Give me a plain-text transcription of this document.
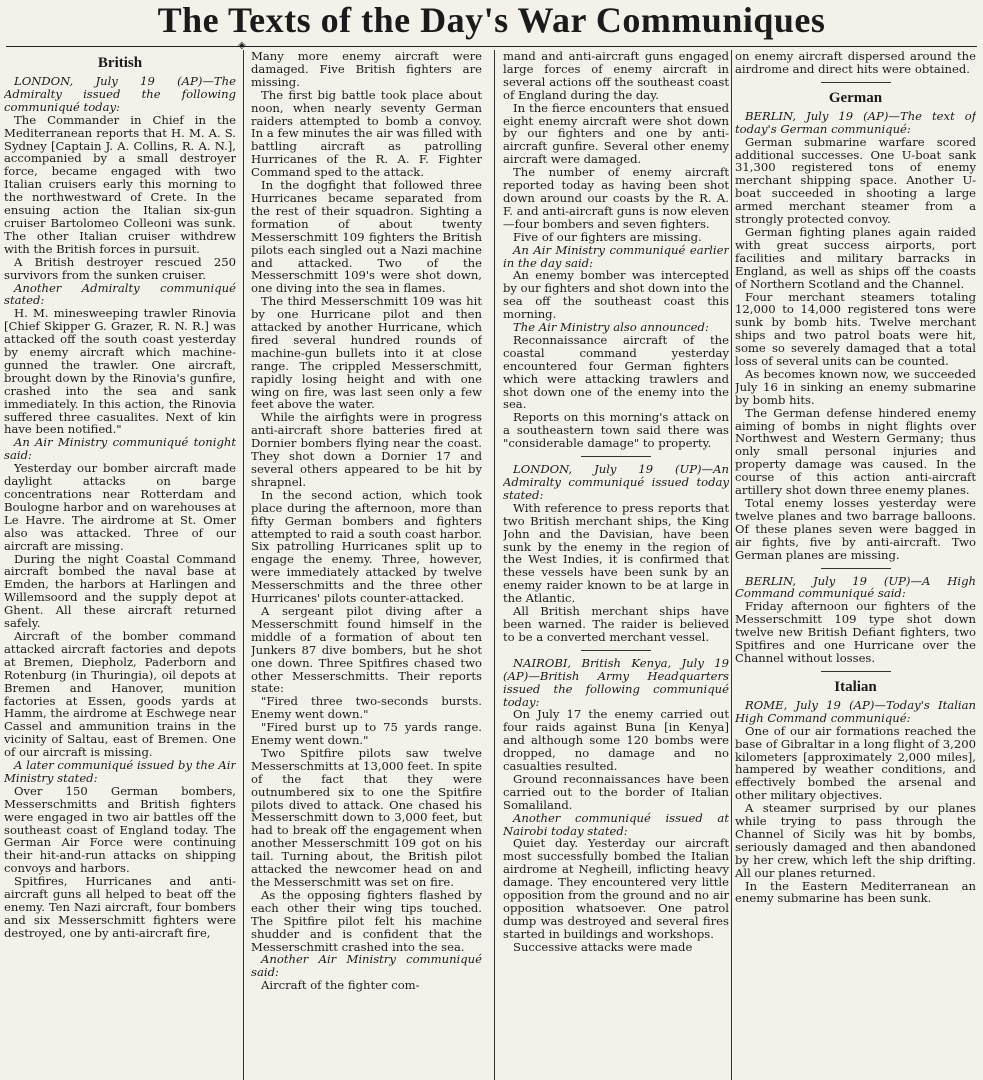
The Texts of the Day's War Communiques
◈
British

LONDON, July 19 (AP)—The Admiralty issued the following communiqué today:

The Commander in Chief in the Mediterranean reports that H. M. A. S. Sydney [Captain J. A. Collins, R. A. N.], accompanied by a small destroyer force, became engaged with two Italian cruisers early this morning to the northwestward of Crete. In the ensuing action the Italian six-gun cruiser Bartolomeo Colleoni was sunk. The other Italian cruiser withdrew with the British forces in pursuit.

A British destroyer rescued 250 survivors from the sunken cruiser.

Another Admiralty communiqué stated:

H. M. minesweeping trawler Rinovia [Chief Skipper G. Grazer, R. N. R.] was attacked off the south coast yesterday by enemy aircraft which machine-gunned the trawler. One aircraft, brought down by the Rinovia's gunfire, crashed into the sea and sank immediately. In this action, the Rinovia suffered three casualites. Next of kin have been notified."

An Air Ministry communiqué tonight said:

Yesterday our bomber aircraft made daylight attacks on barge concentrations near Rotterdam and Boulogne harbor and on warehouses at Le Havre. The airdrome at St. Omer also was attacked. Three of our aircraft are missing.

During the night Coastal Command aircraft bombed the naval base at Emden, the harbors at Harlingen and Willemsoord and the supply depot at Ghent. All these aircraft returned safely.

Aircraft of the bomber command attacked aircraft factories and depots at Bremen, Diepholz, Paderborn and Rotenburg (in Thuringia), oil depots at Bremen and Hanover, munition factories at Essen, goods yards at Hamm, the airdrome at Eschwege near Cassel and ammunition trains in the vicinity of Saltau, east of Bremen. One of our aircraft is missing.

A later communiqué issued by the Air Ministry stated:

Over 150 German bombers, Messerschmitts and British fighters were engaged in two air battles off the southeast coast of England today. The German Air Force were continuing their hit-and-run attacks on shipping convoys and harbors.

Spitfires, Hurricanes and anti-aircraft guns all helped to beat off the enemy. Ten Nazi aircraft, four bombers and six Messerschmitt fighters were destroyed, one by anti-aircraft fire,

Many more enemy aircraft were damaged. Five British fighters are missing.

The first big battle took place about noon, when nearly seventy German raiders attempted to bomb a convoy. In a few minutes the air was filled with battling aircraft as patrolling Hurricanes of the R. A. F. Fighter Command sped to the attack.

In the dogfight that followed three Hurricanes became separated from the rest of their squadron. Sighting a formation of about twenty Messerschmitt 109 fighters the British pilots each singled out a Nazi machine and attacked. Two of the Messerschmitt 109's were shot down, one diving into the sea in flames.

The third Messerschmitt 109 was hit by one Hurricane pilot and then attacked by another Hurricane, which fired several hundred rounds of machine-gun bullets into it at close range. The crippled Messerschmitt, rapidly losing height and with one wing on fire, was last seen only a few feet above the water.

While the airfights were in progress anti-aircraft shore batteries fired at Dornier bombers flying near the coast. They shot down a Dornier 17 and several others appeared to be hit by shrapnel.

In the second action, which took place during the afternoon, more than fifty German bombers and fighters attempted to raid a south coast harbor. Six patrolling Hurricanes split up to engage the enemy. Three, however, were immediately attacked by twelve Messerschmitts and the three other Hurricanes' pilots counter-attacked.

A sergeant pilot diving after a Messerschmitt found himself in the middle of a formation of about ten Junkers 87 dive bombers, but he shot one down. Three Spitfires chased two other Messerschmitts. Their reports state:

"Fired three two-seconds bursts. Enemy went down."

"Fired burst up to 75 yards range. Enemy went down."

Two Spitfire pilots saw twelve Messerschmitts at 13,000 feet. In spite of the fact that they were outnumbered six to one the Spitfire pilots dived to attack. One chased his Messerschmitt down to 3,000 feet, but had to break off the engagement when another Messerschmitt 109 got on his tail. Turning about, the British pilot attacked the newcomer head on and the Messerschmitt was set on fire.

As the opposing fighters flashed by each other their wing tips touched. The Spitfire pilot felt his machine shudder and is confident that the Messerschmitt crashed into the sea.

Another Air Ministry communiqué said:

Aircraft of the fighter com-

mand and anti-aircraft guns engaged large forces of enemy aircraft in several actions off the southeast coast of England during the day.

In the fierce encounters that ensued eight enemy aircraft were shot down by our fighters and one by anti-aircraft gunfire. Several other enemy aircraft were damaged.

The number of enemy aircraft reported today as having been shot down around our coasts by the R. A. F. and anti-aircraft guns is now eleven—four bombers and seven fighters.

Five of our fighters are missing.

An Air Ministry communiqué earlier in the day said:

An enemy bomber was intercepted by our fighters and shot down into the sea off the southeast coast this morning.

The Air Ministry also announced:

Reconnaissance aircraft of the coastal command yesterday encountered four German fighters which were attacking trawlers and shot down one of the enemy into the sea.

Reports on this morning's attack on a southeastern town said there was "considerable damage" to property.

LONDON, July 19 (UP)—An Admiralty communiqué issued today stated:

With reference to press reports that two British merchant ships, the King John and the Davisian, have been sunk by the enemy in the region of the West Indies, it is confirmed that these vessels have been sunk by an enemy raider known to be at large in the Atlantic.

All British merchant ships have been warned. The raider is believed to be a converted merchant vessel.

NAIROBI, British Kenya, July 19 (AP)—British Army Headquarters issued the following communiqué today:

On July 17 the enemy carried out four raids against Buna [in Kenya] and although some 120 bombs were dropped, no damage and no casualties resulted.

Ground reconnaissances have been carried out to the border of Italian Somaliland.

Another communiqué issued at Nairobi today stated:

Quiet day. Yesterday our aircraft most successfully bombed the Italian airdrome at Negheill, inflicting heavy damage. They encountered very little opposition from the ground and no air opposition whatsoever. One patrol dump was destroyed and several fires started in buildings and workshops.

Successive attacks were made

on enemy aircraft dispersed around the airdrome and direct hits were obtained.

German

BERLIN, July 19 (AP)—The text of today's German communiqué:

German submarine warfare scored additional successes. One U-boat sank 31,300 registered tons of enemy merchant shipping space. Another U-boat succeeded in shooting a large armed merchant steamer from a strongly protected convoy.

German fighting planes again raided with great success airports, port facilities and military barracks in England, as well as ships off the coasts of Northern Scotland and the Channel.

Four merchant steamers totaling 12,000 to 14,000 registered tons were sunk by bomb hits. Twelve merchant ships and two patrol boats were hit, some so severely damaged that a total loss of several units can be counted.

As becomes known now, we succeeded July 16 in sinking an enemy submarine by bomb hits.

The German defense hindered enemy aiming of bombs in night flights over Northwest and Western Germany; thus only small personal injuries and property damage was caused. In the course of this action anti-aircraft artillery shot down three enemy planes.

Total enemy losses yesterday were twelve planes and two barrage balloons. Of these planes seven were bagged in air fights, five by anti-aircraft. Two German planes are missing.

BERLIN, July 19 (UP)—A High Command communiqué said:

Friday afternoon our fighters of the Messerschmitt 109 type shot down twelve new British Defiant fighters, two Spitfires and one Hurricane over the Channel without losses.

Italian

ROME, July 19 (AP)—Today's Italian High Command communiqué:

One of our air formations reached the base of Gibraltar in a long flight of 3,200 kilometers [approximately 2,000 miles], hampered by weather conditions, and effectively bombed the arsenal and other military objectives.

A steamer surprised by our planes while trying to pass through the Channel of Sicily was hit by bombs, seriously damaged and then abandoned by her crew, which left the ship drifting. All our planes returned.

In the Eastern Mediterranean an enemy submarine has been sunk.
